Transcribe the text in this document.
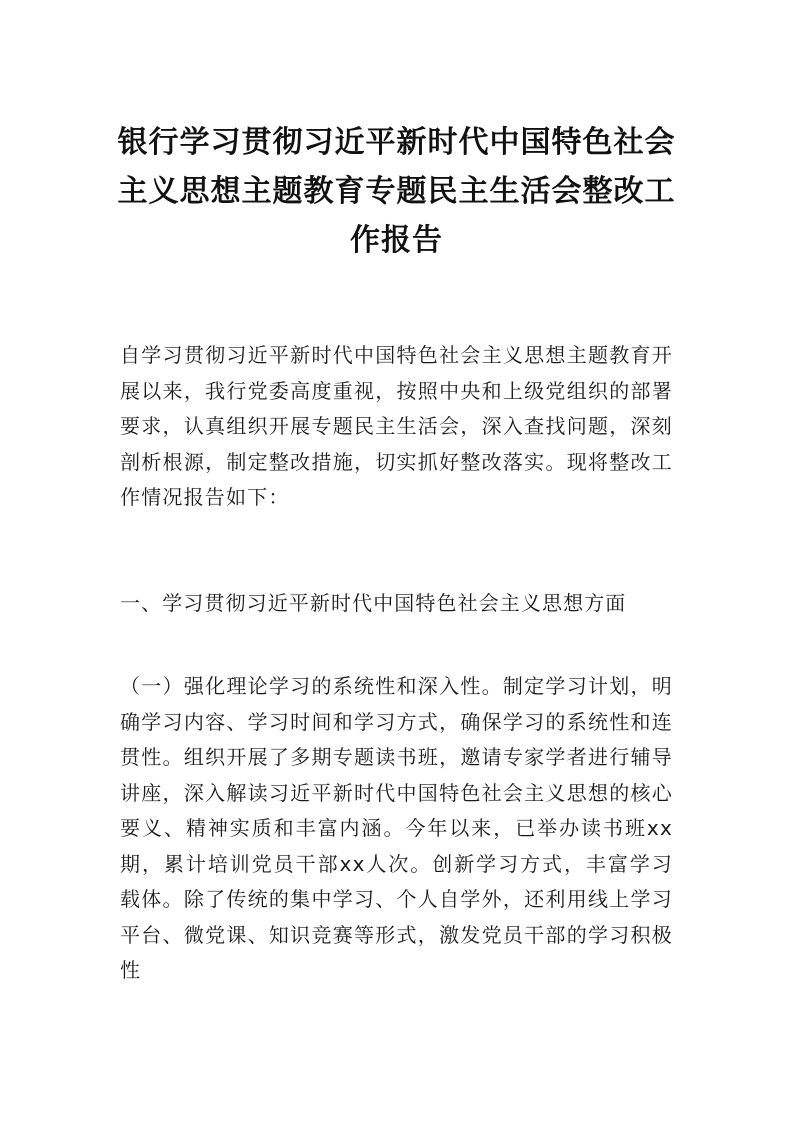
银行学习贯彻习近平新时代中国特色社会主义思想主题教育专题民主生活会整改工作报告

自学习贯彻习近平新时代中国特色社会主义思想主题教育开展以来，我行党委高度重视，按照中央和上级党组织的部署要求，认真组织开展专题民主生活会，深入查找问题，深刻剖析根源，制定整改措施，切实抓好整改落实。现将整改工作情况报告如下：

一、学习贯彻习近平新时代中国特色社会主义思想方面

（一）强化理论学习的系统性和深入性。制定学习计划，明确学习内容、学习时间和学习方式，确保学习的系统性和连贯性。组织开展了多期专题读书班，邀请专家学者进行辅导讲座，深入解读习近平新时代中国特色社会主义思想的核心要义、精神实质和丰富内涵。今年以来，已举办读书班xx期，累计培训党员干部xx人次。创新学习方式，丰富学习载体。除了传统的集中学习、个人自学外，还利用线上学习平台、微党课、知识竞赛等形式，激发党员干部的学习积极性
